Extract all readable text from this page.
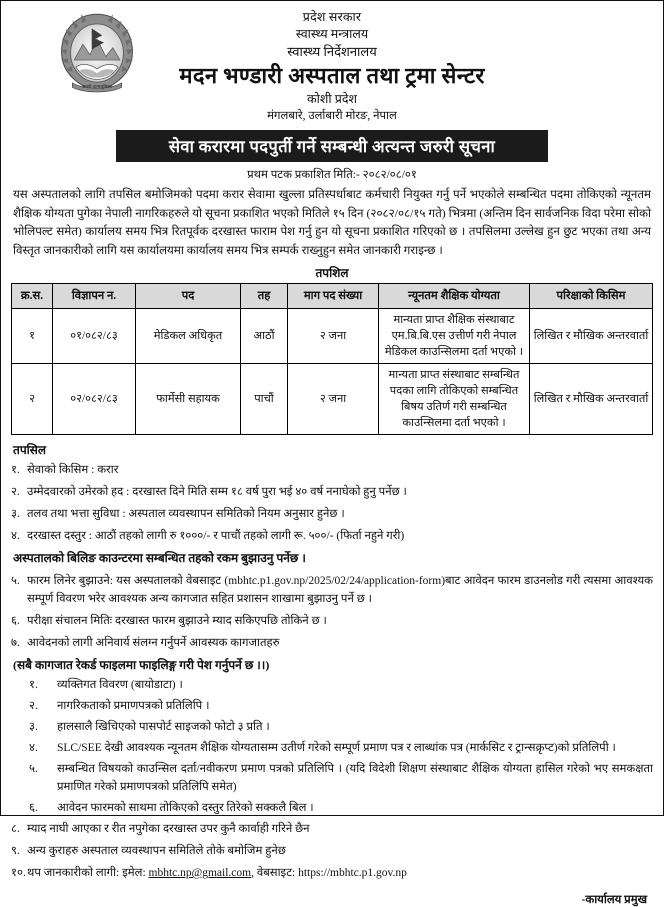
जननी जन्मभूमिश्च
प्रदेश सरकार
स्वास्थ्य मन्त्रालय
स्वास्थ्य निर्देशनालय
मदन भण्डारी अस्पताल तथा ट्रमा सेन्टर
कोशी प्रदेश
मंगलबारे, उर्लाबारी मोरङ, नेपाल
सेवा करारमा पदपुर्ती गर्ने सम्बन्धी अत्यन्त जरुरी सूचना
प्रथम पटक प्रकाशित मिति:- २०८२/०८/०१
यस अस्पतालको लागि तपसिल बमोजिमको पदमा करार सेवामा खुल्ला प्रतिस्पर्धाबाट कर्मचारी नियुक्त गर्नु पर्ने भएकोले सम्बन्धित पदमा तोकिएको न्यूनतम शैक्षिक योग्यता पुगेका नेपाली नागरिकहरुले यो सूचना प्रकाशित भएको मितिले १५ दिन (२०८२/०८/१५ गते) भित्रमा (अन्तिम दिन सार्वजनिक विदा परेमा सोको भोलिपल्ट समेत) कार्यालय समय भित्र रितपूर्वक दरखास्त फाराम पेश गर्नु हुन यो सूचना प्रकाशित गरिएको छ । तपसिलमा उल्लेख हुन छुट भएका तथा अन्य विस्तृत जानकारीको लागि यस कार्यालयमा कार्यालय समय भित्र सम्पर्क राख्नुहुन समेत जानकारी गराइन्छ ।
तपशिल
क्र.स.	विज्ञापन न.	पद	तह	माग पद संख्या	न्यूनतम शैक्षिक योग्यता	परिक्षाको किसिम
१	०१/०८२/८३	मेडिकल अधिकृत	आठौं	२ जना	मान्यता प्राप्त शैक्षिक संस्थाबाट एम.बि.बि.एस उत्तीर्ण गरी नेपाल मेडिकल काउन्सिलमा दर्ता भएको ।	लिखित र मौखिक अन्तरवार्ता
२	०२/०८२/८३	फार्मेसी सहायक	पाचौं	२ जना	मान्यता प्राप्त संस्थाबाट सम्बन्धित पदका लागि तोकिएको सम्बन्धित बिषय उतिर्ण गरी सम्बन्धित काउन्सिलमा दर्ता भएको ।	लिखित र मौखिक अन्तरवार्ता
तपसिल
१. सेवाको किसिम : करार
२. उम्मेदवारको उमेरको हद : दरखास्त दिने मिति सम्म १८ वर्ष पुरा भई ४० वर्ष ननाघेको हुनु पर्नेछ ।
३. तलव तथा भत्ता सुविधा : अस्पताल व्यवस्थापन समितिको नियम अनुसार हुनेछ ।
४. दरखास्त दस्तुर : आठौं तहको लागी रु १०००/- र पाचौं तहको लागी रू. ५००/- (फिर्ता नहुने गरी)
अस्पतालको बिलिङ काउन्टरमा सम्बन्धित तहको रकम बुझाउनु पर्नेछ ।
५. फारम लिनेर बुझाउने: यस अस्पतालको वेबसाइट (mbhtc.p1.gov.np/2025/02/24/application-form)बाट आवेदन फारम डाउनलोड गरी त्यसमा आवश्यक सम्पूर्ण विवरण भरेर आवश्यक अन्य कागजात सहित प्रशासन शाखामा बुझाउनु पर्ने छ ।
६. परीक्षा संचालन मितिः दरखास्त फारम बुझाउने म्याद सकिएपछि तोकिने छ ।
७. आवेदनको लागी अनिवार्य संलग्न गर्नुपर्ने आवस्यक कागजातहरु
(सबै कागजात रेकर्ड फाइलमा फाइलिङ्ग गरी पेश गर्नुपर्ने छ ।।)
१.	व्यक्तिगत विवरण (बायोडाटा) ।
२.	नागरिकताको प्रमाणपत्रको प्रतिलिपि ।
३.	हालसालै खिचिएको पासपोर्ट साइजको फोटो ३ प्रति ।
४.	SLC/SEE देखी आवश्यक न्यूनतम शैक्षिक योग्यतासम्म उतीर्ण गरेको सम्पूर्ण प्रमाण पत्र र लाब्धांक पत्र (मार्कसिट र ट्रान्सक्रृप्ट)को प्रतिलिपी ।
५.	सम्बन्धित विषयको काउन्सिल दर्ता/नवीकरण प्रमाण पत्रको प्रतिलिपि । (यदि विदेशी शिक्षण संस्थाबाट शैक्षिक योग्यता हासिल गरेको भए समकक्षता प्रमाणित गरेको प्रमाणपत्रको प्रतिलिपि समेत)
६.	आवेदन फारमको साथमा तोकिएको दस्तुर तिरेको सक्कलै बिल ।
८. म्याद नाघी आएका र रीत नपुगेका दरखास्त उपर कुनै कार्वाही गरिने छैन
९. अन्य कुराहरु अस्पताल व्यवस्थापन समितिले तोके बमोजिम हुनेछ
१०. थप जानकारीको लागी: इमेल: mbhtc.np@gmail.com, वेबसाइट: https://mbhtc.p1.gov.np
-कार्यालय प्रमुख
